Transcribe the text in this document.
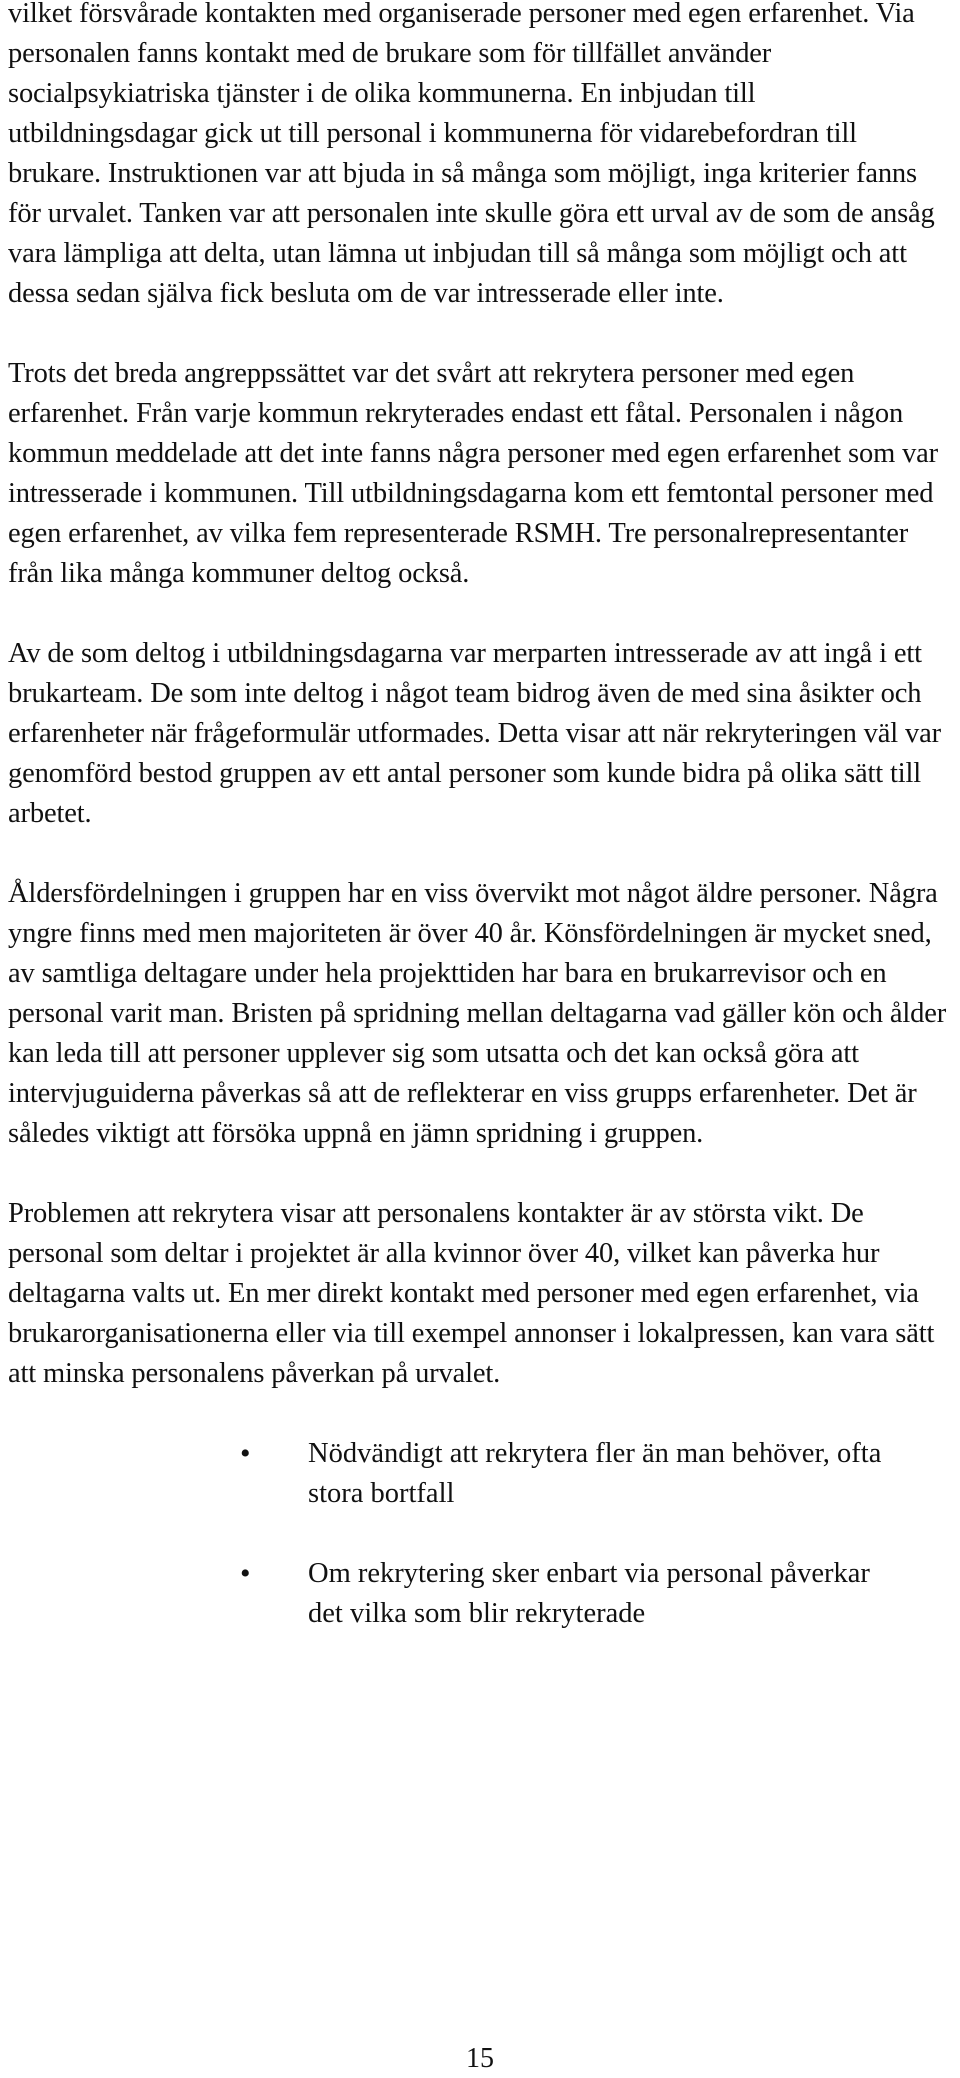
vilket försvårade kontakten med organiserade personer med egen erfarenhet. Via personalen fanns kontakt med de brukare som för tillfället använder socialpsykiatriska tjänster i de olika kommunerna. En inbjudan till utbildningsdagar gick ut till personal i kommunerna för vidarebefordran till brukare. Instruktionen var att bjuda in så många som möjligt, inga kriterier fanns för urvalet. Tanken var att personalen inte skulle göra ett urval av de som de ansåg vara lämpliga att delta, utan lämna ut inbjudan till så många som möjligt och att dessa sedan själva fick besluta om de var intresserade eller inte.

Trots det breda angreppssättet var det svårt att rekrytera personer med egen erfarenhet. Från varje kommun rekryterades endast ett fåtal. Personalen i någon kommun meddelade att det inte fanns några personer med egen erfarenhet som var intresserade i kommunen. Till utbildningsdagarna kom ett femtontal personer med egen erfarenhet, av vilka fem representerade RSMH. Tre personalrepresentanter från lika många kommuner deltog också.

Av de som deltog i utbildningsdagarna var merparten intresserade av att ingå i ett brukarteam. De som inte deltog i något team bidrog även de med sina åsikter och erfarenheter när frågeformulär utformades. Detta visar att när rekryteringen väl var genomförd bestod gruppen av ett antal personer som kunde bidra på olika sätt till arbetet.

Åldersfördelningen i gruppen har en viss övervikt mot något äldre personer. Några yngre finns med men majoriteten är över 40 år. Könsfördelningen är mycket sned, av samtliga deltagare under hela projekttiden har bara en brukarrevisor och en personal varit man. Bristen på spridning mellan deltagarna vad gäller kön och ålder kan leda till att personer upplever sig som utsatta och det kan också göra att intervjuguiderna påverkas så att de reflekterar en viss grupps erfarenheter. Det är således viktigt att försöka uppnå en jämn spridning i gruppen.

Problemen att rekrytera visar att personalens kontakter är av största vikt. De personal som deltar i projektet är alla kvinnor över 40, vilket kan påverka hur deltagarna valts ut. En mer direkt kontakt med personer med egen erfarenhet, via brukarorganisationerna eller via till exempel annonser i lokalpressen, kan vara sätt att minska personalens påverkan på urvalet.

• Nödvändigt att rekrytera fler än man behöver, ofta stora bortfall
• Om rekrytering sker enbart via personal påverkar det vilka som blir rekryterade
15
